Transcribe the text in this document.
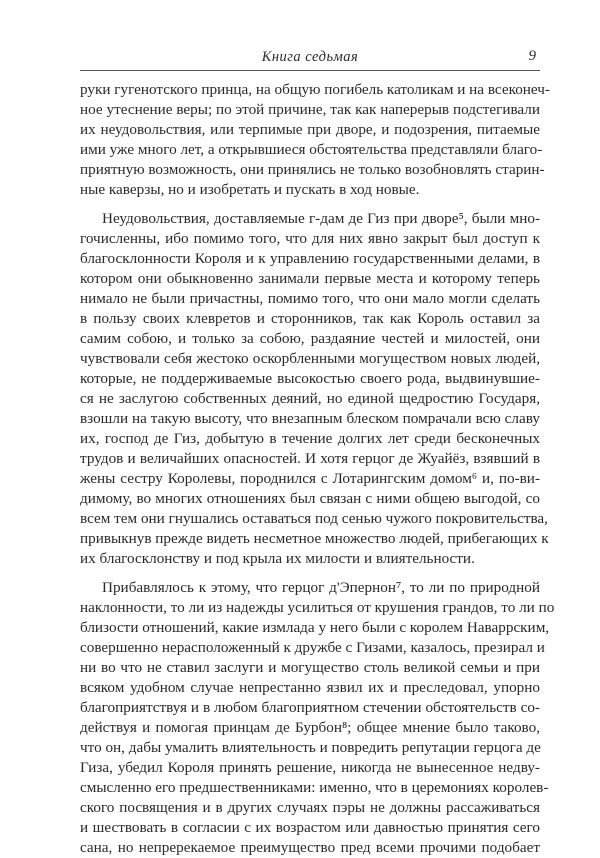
Книга седьмая	9
руки гугенотского принца, на общую погибель католикам и на всеконеч-
ное утеснение веры; по этой причине, так как наперерыв подстегивали
их неудовольствия, или терпимые при дворе, и подозрения, питаемые
ими уже много лет, а открывшиеся обстоятельства представляли благо-
приятную возможность, они принялись не только возобновлять старин-
ные каверзы, но и изобретать и пускать в ход новые.
Неудовольствия, доставляемые г-дам де Гиз при дворе⁵, были мно-
гочисленны, ибо помимо того, что для них явно закрыт был доступ к
благосклонности Короля и к управлению государственными делами, в
котором они обыкновенно занимали первые места и которому теперь
нимало не были причастны, помимо того, что они мало могли сделать
в пользу своих клевретов и сторонников, так как Король оставил за
самим собою, и только за собою, раздаяние честей и милостей, они
чувствовали себя жестоко оскорбленными могуществом новых людей,
которые, не поддерживаемые высокостью своего рода, выдвинувшие-
ся не заслугою собственных деяний, но единой щедростию Государя,
взошли на такую высоту, что внезапным блеском помрачали всю славу
их, господ де Гиз, добытую в течение долгих лет среди бесконечных
трудов и величайших опасностей. И хотя герцог де Жуайёз, взявший в
жены сестру Королевы, породнился с Лотарингским домом⁶ и, по-ви-
димому, во многих отношениях был связан с ними общею выгодой, со
всем тем они гнушались оставаться под сенью чужого покровительства,
привыкнув прежде видеть несметное множество людей, прибегающих к
их благосклонству и под крыла их милости и влиятельности.
Прибавлялось к этому, что герцог д'Эпернон⁷, то ли по природной
наклонности, то ли из надежды усилиться от крушения грандов, то ли по
близости отношений, какие измлада у него были с королем Наваррским,
совершенно нерасположенный к дружбе с Гизами, казалось, презирал и
ни во что не ставил заслуги и могущество столь великой семьи и при
всяком удобном случае непрестанно язвил их и преследовал, упорно
благоприятствуя и в любом благоприятном стечении обстоятельств со-
действуя и помогая принцам де Бурбон⁸; общее мнение было таково,
что он, дабы умалить влиятельность и повредить репутации герцога де
Гиза, убедил Короля принять решение, никогда не вынесенное недву-
смысленно его предшественниками: именно, что в церемониях королев-
ского посвящения и в других случаях пэры не должны рассаживаться
и шествовать в согласии с их возрастом или давностью принятия сего
сана, но непререкаемое преимущество пред всеми прочими подобает
